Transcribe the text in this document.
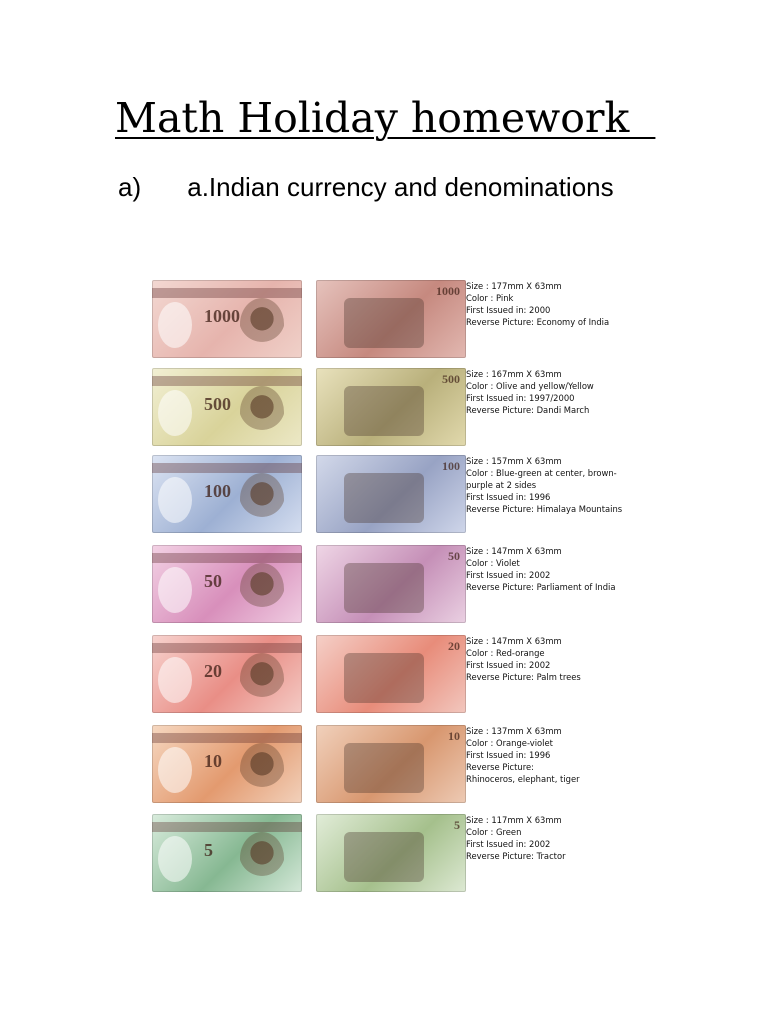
Math Holiday homework
a) a.Indian currency and denominations
1000
1000 Size : 177mm X 63mm
Color : Pink
First Issued in: 2000
Reverse Picture: Economy of India
500
500 Size : 167mm X 63mm
Color : Olive and yellow/Yellow
First Issued in: 1997/2000
Reverse Picture: Dandi March
100
100 Size : 157mm X 63mm
Color : Blue-green at center, brown-purple at 2 sides
First Issued in: 1996
Reverse Picture: Himalaya Mountains
50
50 Size : 147mm X 63mm
Color : Violet
First Issued in: 2002
Reverse Picture: Parliament of India
20
20 Size : 147mm X 63mm
Color : Red-orange
First Issued in: 2002
Reverse Picture: Palm trees
10
10 Size : 137mm X 63mm
Color : Orange-violet
First Issued in: 1996
Reverse Picture:
Rhinoceros, elephant, tiger
5
5 Size : 117mm X 63mm
Color : Green
First Issued in: 2002
Reverse Picture: Tractor
